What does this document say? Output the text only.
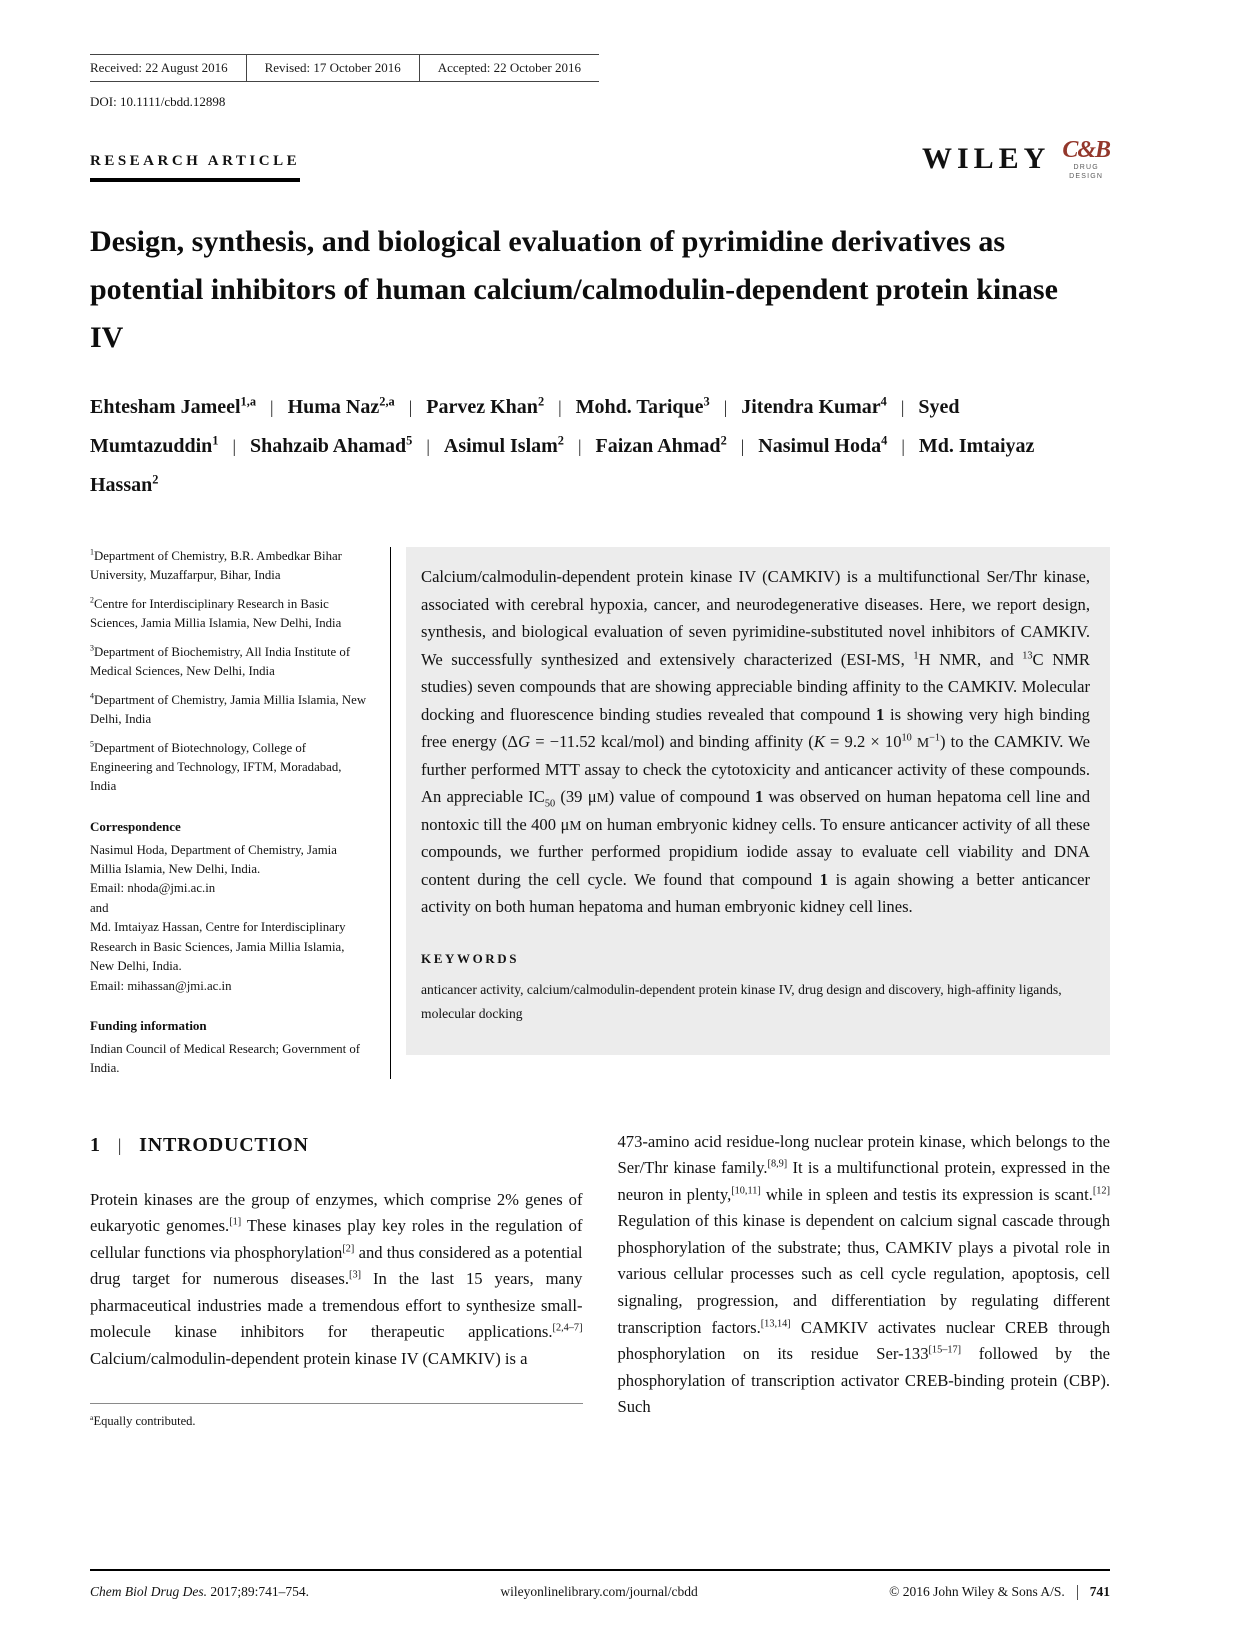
Received: 22 August 2016	Revised: 17 October 2016	Accepted: 22 October 2016
DOI: 10.1111/cbdd.12898
RESEARCH ARTICLE	WILEY C&B
DRUG
DESIGN
Design, synthesis, and biological evaluation of pyrimidine derivatives as potential inhibitors of human calcium/calmodulin-dependent protein kinase IV
Ehtesham Jameel$^{1,a}$ | Huma Naz$^{2,a}$ | Parvez Khan$^2$ | Mohd. Tarique$^3$ | Jitendra Kumar$^4$ | Syed Mumtazuddin$^1$ | Shahzaib Ahamad$^5$ | Asimul Islam$^2$ | Faizan Ahmad$^2$ | Nasimul Hoda$^4$ | Md. Imtaiyaz Hassan$^2$
$^1$Department of Chemistry, B.R. Ambedkar Bihar University, Muzaffarpur, Bihar, India
$^2$Centre for Interdisciplinary Research in Basic Sciences, Jamia Millia Islamia, New Delhi, India
$^3$Department of Biochemistry, All India Institute of Medical Sciences, New Delhi, India
$^4$Department of Chemistry, Jamia Millia Islamia, New Delhi, India
$^5$Department of Biotechnology, College of Engineering and Technology, IFTM, Moradabad, India
Correspondence
Nasimul Hoda, Department of Chemistry, Jamia Millia Islamia, New Delhi, India.
Email: nhoda@jmi.ac.in
and
Md. Imtaiyaz Hassan, Centre for Interdisciplinary Research in Basic Sciences, Jamia Millia Islamia, New Delhi, India.
Email: mihassan@jmi.ac.in
Funding information
Indian Council of Medical Research; Government of India.
Calcium/calmodulin-dependent protein kinase IV (CAMKIV) is a multifunctional Ser/Thr kinase, associated with cerebral hypoxia, cancer, and neurodegenerative diseases. Here, we report design, synthesis, and biological evaluation of seven pyrimidine-substituted novel inhibitors of CAMKIV. We successfully synthesized and extensively characterized (ESI-MS, $^1$H NMR, and $^{13}$C NMR studies) seven compounds that are showing appreciable binding affinity to the CAMKIV. Molecular docking and fluorescence binding studies revealed that compound 1 is showing very high binding free energy (ΔG = −11.52 kcal/mol) and binding affinity ($K = 9.2 \times 10^{10}$ $M^{-1}$) to the CAMKIV. We further performed MTT assay to check the cytotoxicity and anticancer activity of these compounds. An appreciable $IC_{50}$ (39 μM) value of compound 1 was observed on human hepatoma cell line and nontoxic till the 400 μM on human embryonic kidney cells. To ensure anticancer activity of all these compounds, we further performed propidium iodide assay to evaluate cell viability and DNA content during the cell cycle. We found that compound 1 is again showing a better anticancer activity on both human hepatoma and human embryonic kidney cell lines.
KEYWORDS
anticancer activity, calcium/calmodulin-dependent protein kinase IV, drug design and discovery, high-affinity ligands, molecular docking
1 | INTRODUCTION

Protein kinases are the group of enzymes, which comprise 2% genes of eukaryotic genomes.[1] These kinases play key roles in the regulation of cellular functions via phosphorylation[2] and thus considered as a potential drug target for numerous diseases.[3] In the last 15 years, many pharmaceutical industries made a tremendous effort to synthesize small-molecule kinase inhibitors for therapeutic applications.[2,4–7] Calcium/calmodulin-dependent protein kinase IV (CAMKIV) is a

$^a$Equally contributed.

473-amino acid residue-long nuclear protein kinase, which belongs to the Ser/Thr kinase family.[8,9] It is a multifunctional protein, expressed in the neuron in plenty,[10,11] while in spleen and testis its expression is scant.[12] Regulation of this kinase is dependent on calcium signal cascade through phosphorylation of the substrate; thus, CAMKIV plays a pivotal role in various cellular processes such as cell cycle regulation, apoptosis, cell signaling, progression, and differentiation by regulating different transcription factors.[13,14] CAMKIV activates nuclear CREB through phosphorylation on its residue Ser-133[15–17] followed by the phosphorylation of transcription activator CREB-binding protein (CBP). Such

Chem Biol Drug Des. 2017;89:741–754.	wileyonlinelibrary.com/journal/cbdd	© 2016 John Wiley & Sons A/S. 741
